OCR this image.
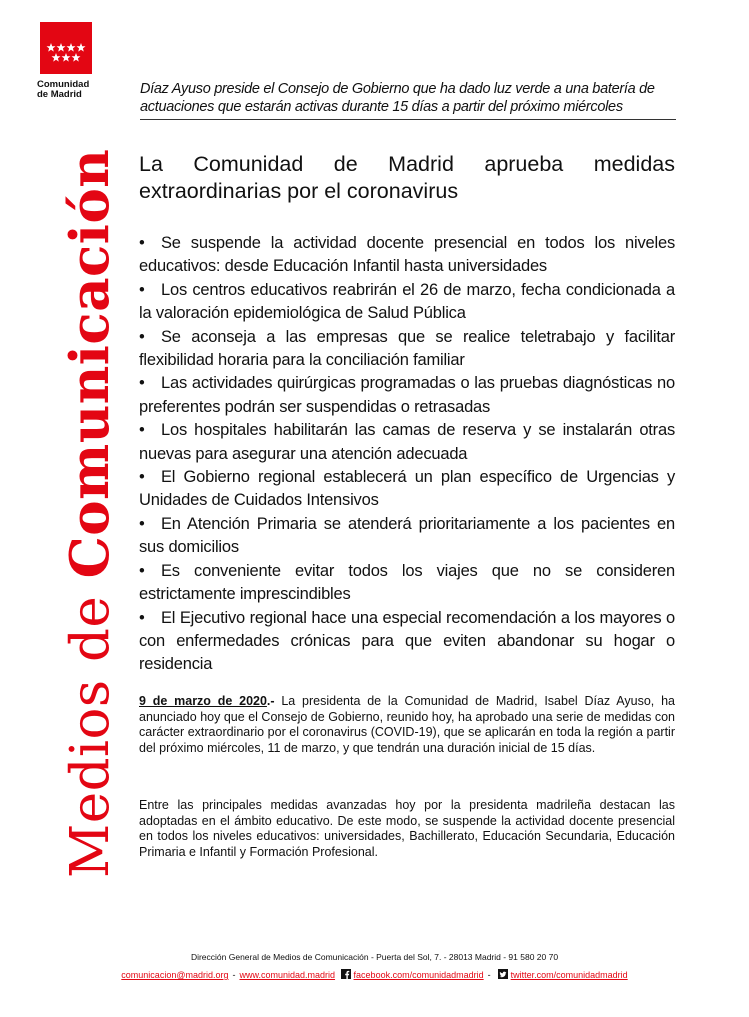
Comunidad
de Madrid
Medios de Comunicación
Díaz Ayuso preside el Consejo de Gobierno que ha dado luz verde a una batería de actuaciones que estarán activas durante 15 días a partir del próximo miércoles
La Comunidad de Madrid aprueba medidas extraordinarias por el coronavirus
• Se suspende la actividad docente presencial en todos los niveles educativos: desde Educación Infantil hasta universidades
• Los centros educativos reabrirán el 26 de marzo, fecha condicionada a la valoración epidemiológica de Salud Pública
• Se aconseja a las empresas que se realice teletrabajo y facilitar flexibilidad horaria para la conciliación familiar
• Las actividades quirúrgicas programadas o las pruebas diagnósticas no preferentes podrán ser suspendidas o retrasadas
• Los hospitales habilitarán las camas de reserva y se instalarán otras nuevas para asegurar una atención adecuada
• El Gobierno regional establecerá un plan específico de Urgencias y Unidades de Cuidados Intensivos
• En Atención Primaria se atenderá prioritariamente a los pacientes en sus domicilios
• Es conveniente evitar todos los viajes que no se consideren estrictamente imprescindibles
• El Ejecutivo regional hace una especial recomendación a los mayores o con enfermedades crónicas para que eviten abandonar su hogar o residencia
9 de marzo de 2020.- La presidenta de la Comunidad de Madrid, Isabel Díaz Ayuso, ha anunciado hoy que el Consejo de Gobierno, reunido hoy, ha aprobado una serie de medidas con carácter extraordinario por el coronavirus (COVID-19), que se aplicarán en toda la región a partir del próximo miércoles, 11 de marzo, y que tendrán una duración inicial de 15 días.
Entre las principales medidas avanzadas hoy por la presidenta madrileña destacan las adoptadas en el ámbito educativo. De este modo, se suspende la actividad docente presencial en todos los niveles educativos: universidades, Bachillerato, Educación Secundaria, Educación Primaria e Infantil y Formación Profesional.
Dirección General de Medios de Comunicación - Puerta del Sol, 7. - 28013 Madrid - 91 580 20 70
comunicacion@madrid.org - www.comunidad.madrid facebook.com/comunidadmadrid - twitter.com/comunidadmadrid
